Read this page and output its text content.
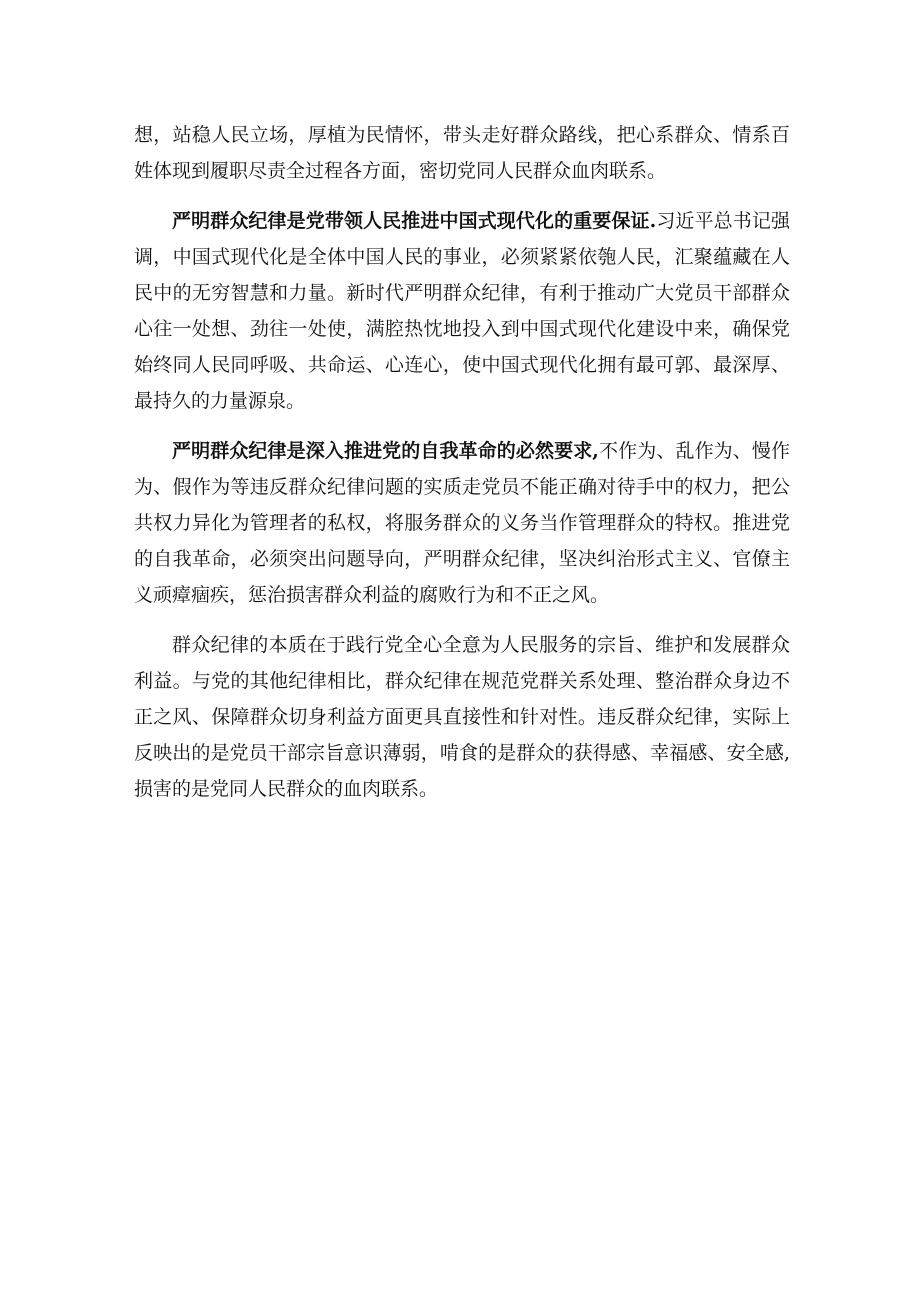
想，站稳人民立场，厚植为民情怀，带头走好群众路线，把心系群众、情系百姓体现到履职尽责全过程各方面，密切党同人民群众血肉联系。

严明群众纪律是党带领人民推进中国式现代化的重要保证.习近平总书记强调，中国式现代化是全体中国人民的事业，必须紧紧依匏人民，汇聚蕴藏在人民中的无穷智慧和力量。新时代严明群众纪律，有利于推动广大党员干部群众心往一处想、劲往一处使，满腔热忱地投入到中国式现代化建设中来，确保党始终同人民同呼吸、共命运、心连心，使中国式现代化拥有最可郭、最深厚、最持久的力量源泉。

严明群众纪律是深入推进党的自我革命的必然要求,不作为、乱作为、慢作为、假作为等违反群众纪律问题的实质走党员不能正确对待手中的权力，把公共权力异化为管理者的私权，将服务群众的义务当作管理群众的特权。推进党的自我革命，必须突出问题导向，严明群众纪律，坚决纠治形式主义、官僚主义顽瘴痼疾，惩治损害群众利益的腐败行为和不正之风。

群众纪律的本质在于践行党全心全意为人民服务的宗旨、维护和发展群众利益。与党的其他纪律相比，群众纪律在规范党群关系处理、整治群众身边不正之风、保障群众切身利益方面更具直接性和针对性。违反群众纪律，实际上反映出的是党员干部宗旨意识薄弱，啃食的是群众的获得感、幸福感、安全感,损害的是党同人民群众的血肉联系。
